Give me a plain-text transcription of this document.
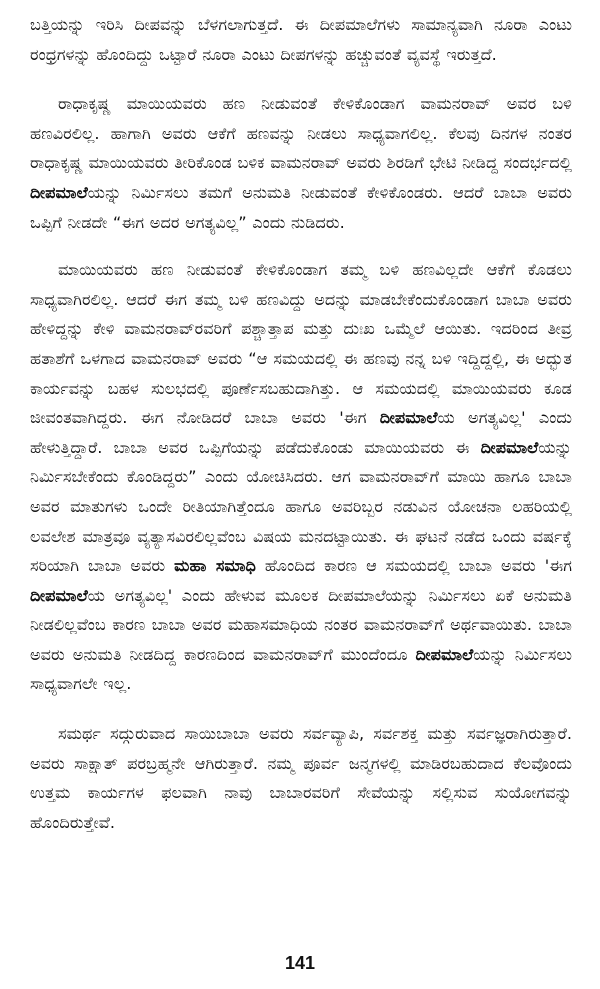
ಬತ್ತಿಯನ್ನು ಇರಿಸಿ ದೀಪವನ್ನು ಬೆಳಗಲಾಗುತ್ತದೆ. ಈ ದೀಪಮಾಲೆಗಳು ಸಾಮಾನ್ಯವಾಗಿ ನೂರಾ ಎಂಟು ರಂಧ್ರಗಳನ್ನು ಹೊಂದಿದ್ದು ಒಟ್ಟಾರೆ ನೂರಾ ಎಂಟು ದೀಪಗಳನ್ನು ಹಚ್ಚುವಂತೆ ವ್ಯವಸ್ಥೆ ಇರುತ್ತದೆ.

ರಾಧಾಕೃಷ್ಣ ಮಾಯಿಯವರು ಹಣ ನೀಡುವಂತೆ ಕೇಳಿಕೊಂಡಾಗ ವಾಮನರಾವ್ ಅವರ ಬಳಿ ಹಣವಿರಲಿಲ್ಲ. ಹಾಗಾಗಿ ಅವರು ಆಕೆಗೆ ಹಣವನ್ನು ನೀಡಲು ಸಾಧ್ಯವಾಗಲಿಲ್ಲ. ಕೆಲವು ದಿನಗಳ ನಂತರ ರಾಧಾಕೃಷ್ಣ ಮಾಯಿಯವರು ತೀರಿಕೊಂಡ ಬಳಿಕ ವಾಮನರಾವ್ ಅವರು ಶಿರಡಿಗೆ ಭೇಟಿ ನೀಡಿದ್ದ ಸಂದರ್ಭದಲ್ಲಿ ದೀಪಮಾಲೆಯನ್ನು ನಿರ್ಮಿಸಲು ತಮಗೆ ಅನುಮತಿ ನೀಡುವಂತೆ ಕೇಳಿಕೊಂಡರು. ಆದರೆ ಬಾಬಾ ಅವರು ಒಪ್ಪಿಗೆ ನೀಡದೇ “ಈಗ ಅದರ ಅಗತ್ಯವಿಲ್ಲ” ಎಂದು ನುಡಿದರು.

ಮಾಯಿಯವರು ಹಣ ನೀಡುವಂತೆ ಕೇಳಿಕೊಂಡಾಗ ತಮ್ಮ ಬಳಿ ಹಣವಿಲ್ಲದೇ ಆಕೆಗೆ ಕೊಡಲು ಸಾಧ್ಯವಾಗಿರಲಿಲ್ಲ. ಆದರೆ ಈಗ ತಮ್ಮ ಬಳಿ ಹಣವಿದ್ದು ಅದನ್ನು ಮಾಡಬೇಕೆಂದುಕೊಂಡಾಗ ಬಾಬಾ ಅವರು ಹೇಳಿದ್ದನ್ನು ಕೇಳಿ ವಾಮನರಾವ್‌ರವರಿಗೆ ಪಶ್ಚಾತ್ತಾಪ ಮತ್ತು ದುಃಖ ಒಮ್ಮೆಲೆ ಆಯಿತು. ಇದರಿಂದ ತೀವ್ರ ಹತಾಶೆಗೆ ಒಳಗಾದ ವಾಮನರಾವ್ ಅವರು “ಆ ಸಮಯದಲ್ಲಿ ಈ ಹಣವು ನನ್ನ ಬಳಿ ಇದ್ದಿದ್ದಲ್ಲಿ, ಈ ಅದ್ಭುತ ಕಾರ್ಯವನ್ನು ಬಹಳ ಸುಲಭದಲ್ಲಿ ಪೂರ್ಣೆಸಬಹುದಾಗಿತ್ತು. ಆ ಸಮಯದಲ್ಲಿ ಮಾಯಿಯವರು ಕೂಡ ಜೀವಂತವಾಗಿದ್ದರು. ಈಗ ನೋಡಿದರೆ ಬಾಬಾ ಅವರು 'ಈಗ ದೀಪಮಾಲೆಯ ಅಗತ್ಯವಿಲ್ಲ' ಎಂದು ಹೇಳುತ್ತಿದ್ದಾರೆ. ಬಾಬಾ ಅವರ ಒಪ್ಪಿಗೆಯನ್ನು ಪಡೆದುಕೊಂಡು ಮಾಯಿಯವರು ಈ ದೀಪಮಾಲೆಯನ್ನು ನಿರ್ಮಿಸಬೇಕೆಂದು ಕೊಂಡಿದ್ದರು” ಎಂದು ಯೋಚಿಸಿದರು. ಆಗ ವಾಮನರಾವ್‌ಗೆ ಮಾಯಿ ಹಾಗೂ ಬಾಬಾ ಅವರ ಮಾತುಗಳು ಒಂದೇ ರೀತಿಯಾಗಿತ್ತೆಂದೂ ಹಾಗೂ ಅವರಿಬ್ಬರ ನಡುವಿನ ಯೋಚನಾ ಲಹರಿಯಲ್ಲಿ ಲವಲೇಶ ಮಾತ್ರವೂ ವ್ಯತ್ಯಾಸವಿರಲಿಲ್ಲವೆಂಬ ವಿಷಯ ಮನದಟ್ಟಾಯಿತು. ಈ ಘಟನೆ ನಡೆದ ಒಂದು ವರ್ಷಕ್ಕೆ ಸರಿಯಾಗಿ ಬಾಬಾ ಅವರು ಮಹಾ ಸಮಾಧಿ ಹೊಂದಿದ ಕಾರಣ ಆ ಸಮಯದಲ್ಲಿ ಬಾಬಾ ಅವರು 'ಈಗ ದೀಪಮಾಲೆಯ ಅಗತ್ಯವಿಲ್ಲ' ಎಂದು ಹೇಳುವ ಮೂಲಕ ದೀಪಮಾಲೆಯನ್ನು ನಿರ್ಮಿಸಲು ಏಕೆ ಅನುಮತಿ ನೀಡಲಿಲ್ಲವೆಂಬ ಕಾರಣ ಬಾಬಾ ಅವರ ಮಹಾಸಮಾಧಿಯ ನಂತರ ವಾಮನರಾವ್‌ಗೆ ಅರ್ಥವಾಯಿತು. ಬಾಬಾ ಅವರು ಅನುಮತಿ ನೀಡದಿದ್ದ ಕಾರಣದಿಂದ ವಾಮನರಾವ್‌ಗೆ ಮುಂದೆಂದೂ ದೀಪಮಾಲೆಯನ್ನು ನಿರ್ಮಿಸಲು ಸಾಧ್ಯವಾಗಲೇ ಇಲ್ಲ.

ಸಮರ್ಥ ಸದ್ಗುರುವಾದ ಸಾಯಿಬಾಬಾ ಅವರು ಸರ್ವವ್ಯಾಪಿ, ಸರ್ವಶಕ್ತ ಮತ್ತು ಸರ್ವಜ್ಞರಾಗಿರುತ್ತಾರೆ. ಅವರು ಸಾಕ್ಷಾತ್ ಪರಬ್ರಹ್ಮನೇ ಆಗಿರುತ್ತಾರೆ. ನಮ್ಮ ಪೂರ್ವ ಜನ್ಮಗಳಲ್ಲಿ ಮಾಡಿರಬಹುದಾದ ಕೆಲವೊಂದು ಉತ್ತಮ ಕಾರ್ಯಗಳ ಫಲವಾಗಿ ನಾವು ಬಾಬಾರವರಿಗೆ ಸೇವೆಯನ್ನು ಸಲ್ಲಿಸುವ ಸುಯೋಗವನ್ನು ಹೊಂದಿರುತ್ತೇವೆ.

141
